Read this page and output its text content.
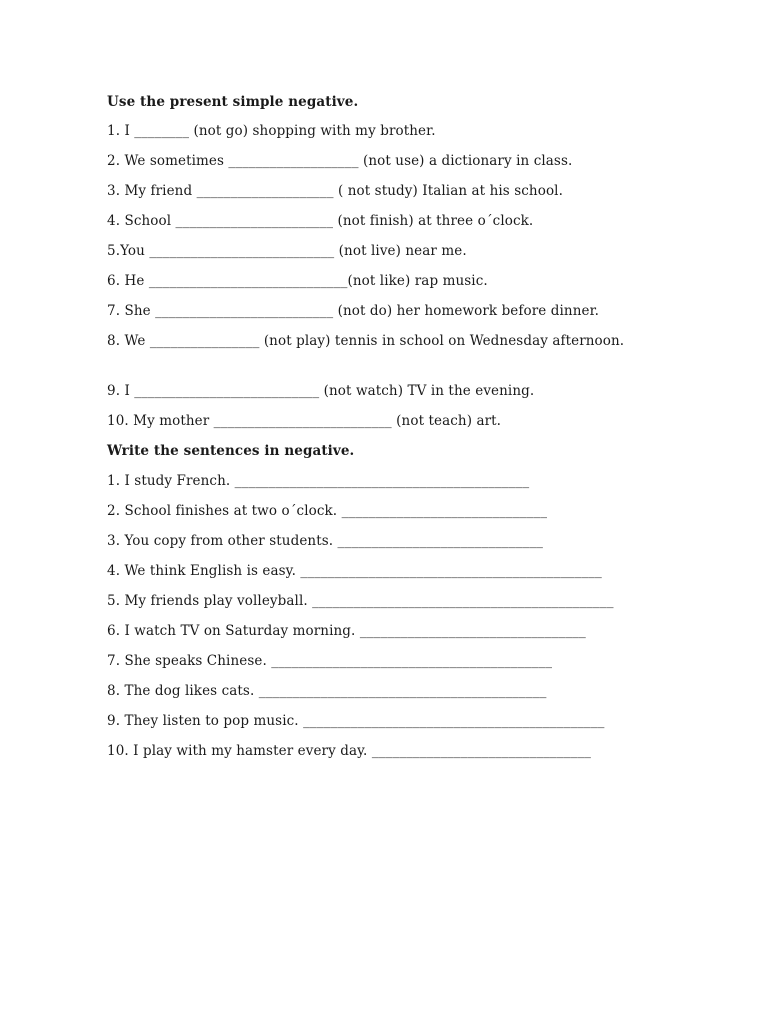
Use the present simple negative.
1. I ________ (not go) shopping with my brother.
2. We sometimes ___________________ (not use) a dictionary in class.
3. My friend ____________________ ( not study) Italian at his school.
4. School _______________________ (not finish) at three o´clock.
5.You ___________________________ (not live) near me.
6. He _____________________________(not like) rap music.
7. She __________________________ (not do) her homework before dinner.
8. We ________________ (not play) tennis in school on Wednesday afternoon.
9. I ___________________________ (not watch) TV in the evening.
10. My mother __________________________ (not teach) art.
Write the sentences in negative.
1. I study French. ___________________________________________
2. School finishes at two o´clock. ______________________________
3. You copy from other students. ______________________________
4. We think English is easy. ____________________________________________
5. My friends play volleyball. ____________________________________________
6. I watch TV on Saturday morning. _________________________________
7. She speaks Chinese. _________________________________________
8. The dog likes cats. __________________________________________
9. They listen to pop music. ____________________________________________
10. I play with my hamster every day. ________________________________
